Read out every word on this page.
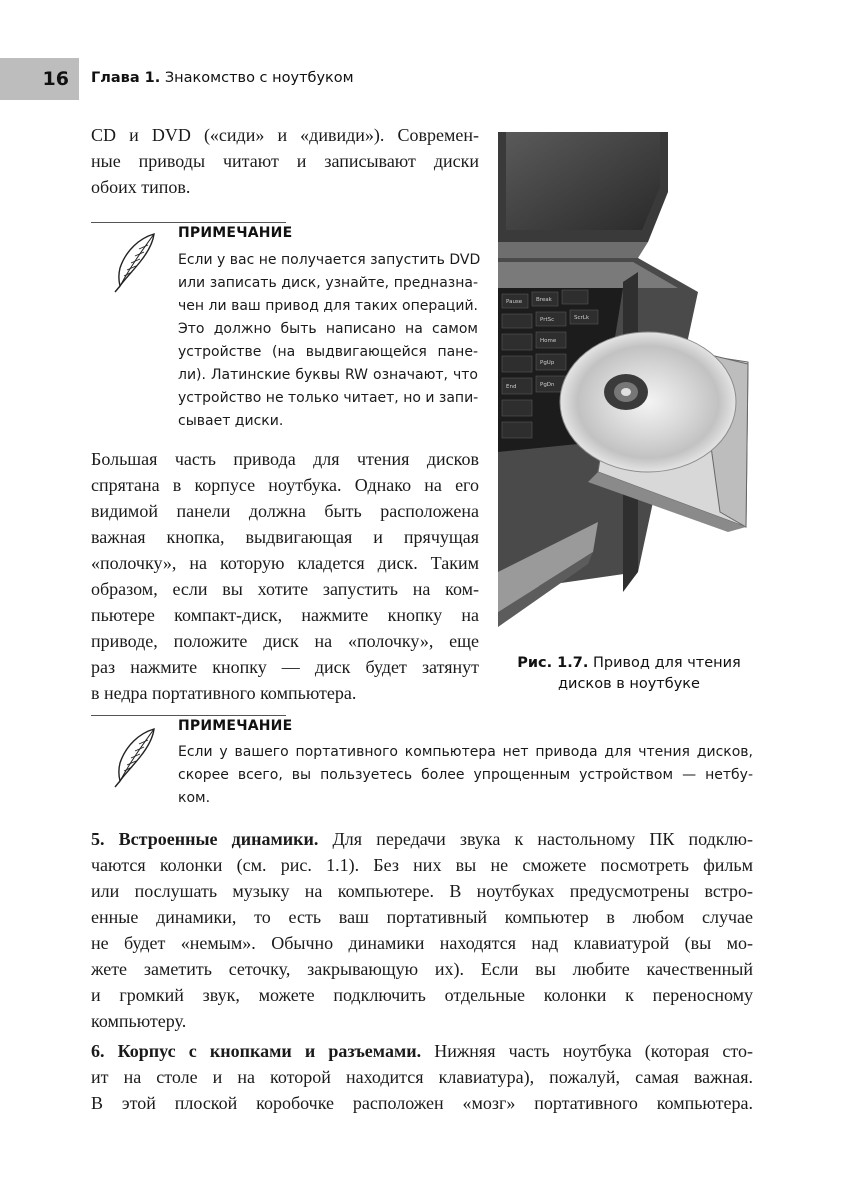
16 Глава 1. Знакомство с ноутбуком
CD и DVD («сиди» и «дивиди»). Современ-
ные приводы читают и записывают диски
обоих типов.
ПРИМЕЧАНИЕ
Если у вас не получается запустить DVD
или записать диск, узнайте, предназна-
чен ли ваш привод для таких операций.
Это должно быть написано на самом
устройстве (на выдвигающейся пане-
ли). Латинские буквы RW означают, что
устройство не только читает, но и запи-
сывает диски.
Большая часть привода для чтения дисков
спрятана в корпусе ноутбука. Однако на его
видимой панели должна быть расположена
важная кнопка, выдвигающая и прячущая
«полочку», на которую кладется диск. Таким
образом, если вы хотите запустить на ком-
пьютере компакт-диск, нажмите кнопку на
приводе, положите диск на «полочку», еще
раз нажмите кнопку — диск будет затянут
в недра портативного компьютера.
Pause	Break
PrtSc	ScrLk
Home
PgUp
PgDn
End
Рис. 1.7. Привод для чтения
дисков в ноутбуке
ПРИМЕЧАНИЕ
Если у вашего портативного компьютера нет привода для чтения дисков,
скорее всего, вы пользуетесь более упрощенным устройством — нетбу-
ком.
5. Встроенные динамики. Для передачи звука к настольному ПК подклю-
чаются колонки (см. рис. 1.1). Без них вы не сможете посмотреть фильм
или послушать музыку на компьютере. В ноутбуках предусмотрены встро-
енные динамики, то есть ваш портативный компьютер в любом случае
не будет «немым». Обычно динамики находятся над клавиатурой (вы мо-
жете заметить сеточку, закрывающую их). Если вы любите качественный
и громкий звук, можете подключить отдельные колонки к переносному
компьютеру.
6. Корпус с кнопками и разъемами. Нижняя часть ноутбука (которая сто-
ит на столе и на которой находится клавиатура), пожалуй, самая важная.
В этой плоской коробочке расположен «мозг» портативного компьютера.
